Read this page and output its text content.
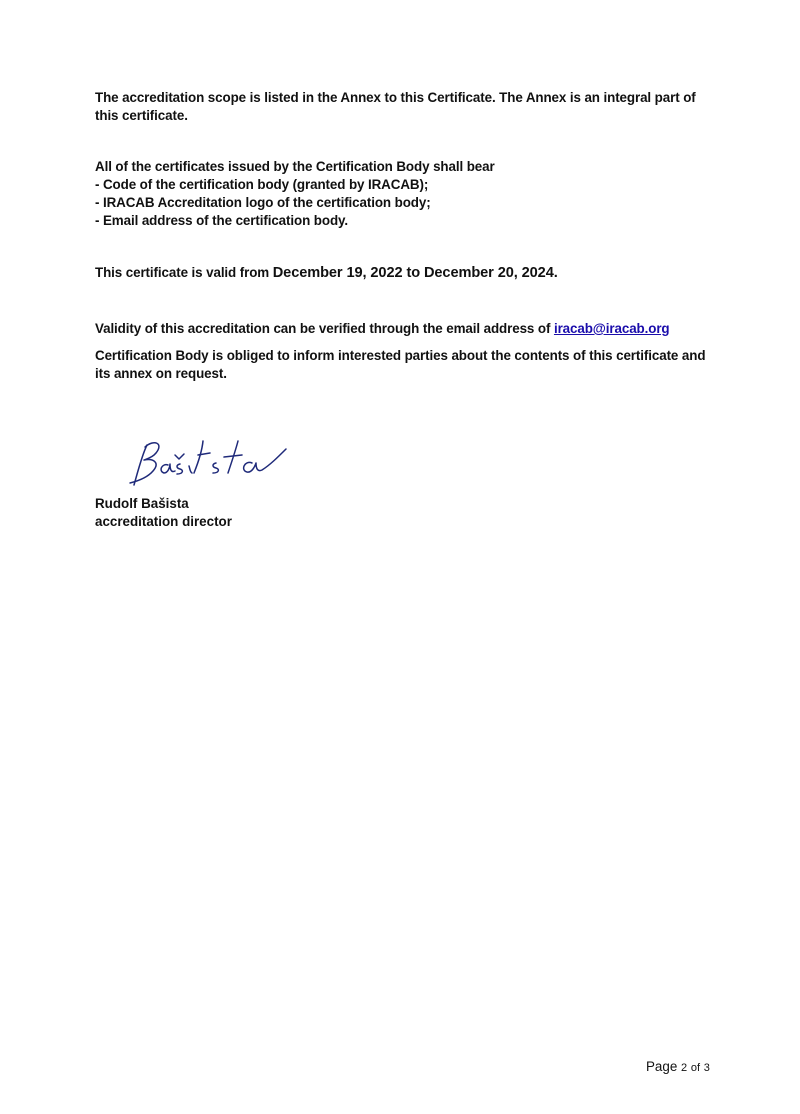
The accreditation scope is listed in the Annex to this Certificate. The Annex is an integral part of
this certificate.
All of the certificates issued by the Certification Body shall bear
- Code of the certification body (granted by IRACAB);
- IRACAB Accreditation logo of the certification body;
- Email address of the certification body.
This certificate is valid from December 19, 2022 to December 20, 2024.
Validity of this accreditation can be verified through the email address of iracab@iracab.org
Certification Body is obliged to inform interested parties about the contents of this certificate and
its annex on request.
Rudolf Bašista
accreditation director
Page 2 of 3
